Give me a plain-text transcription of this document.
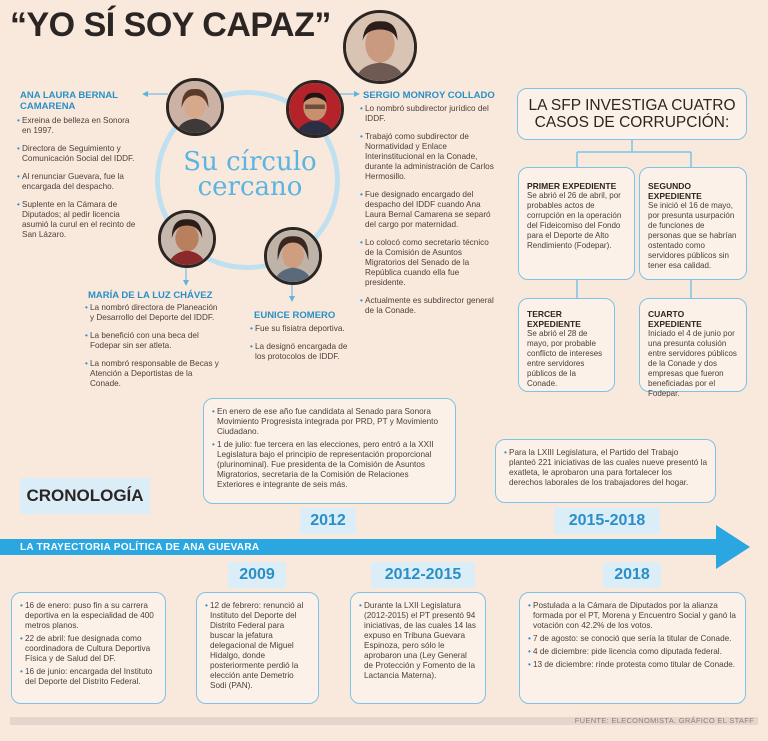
“YO SÍ SOY CAPAZ”
ANA LAURA BERNAL CAMARENA
• Exreina de belleza en Sonora en 1997.
• Directora de Seguimiento y Comunicación Social del IDDF.
• Al renunciar Guevara, fue la encargada del despacho.
• Suplente en la Cámara de Diputados; al pedir licencia asumió la curul en el recinto de San Lázaro.
Su círculo cercano
SERGIO MONROY COLLADO
• Lo nombró subdirector jurídico del IDDF.
• Trabajó como subdirector de Normatividad y Enlace Interinstitucional en la Conade, durante la administración de Carlos Hermosillo.
• Fue designado encargado del despacho del IDDF cuando Ana Laura Bernal Camarena se separó del cargo por maternidad.
• Lo colocó como secretario técnico de la Comisión de Asuntos Migratorios del Senado de la República cuando ella fue presidente.
• Actualmente es subdirector general de la Conade.
MARÍA DE LA LUZ CHÁVEZ
• La nombró directora de Planeación y Desarrollo del Deporte del IDDF.
• La benefició con una beca del Fodepar sin ser atleta.
• La nombró responsable de Becas y Atención a Deportistas de la Conade.
EUNICE ROMERO
• Fue su fisiatra deportiva.
• La designó encargada de los protocolos de IDDF.
LA SFP INVESTIGA CUATRO CASOS DE CORRUPCIÓN:
PRIMER EXPEDIENTE
Se abrió el 26 de abril, por probables actos de corrupción en la operación del Fideicomiso del Fondo para el Deporte de Alto Rendimiento (Fodepar).
SEGUNDO EXPEDIENTE
Se inició el 16 de mayo, por presunta usurpación de funciones de personas que se habrían ostentado como servidores públicos sin tener esa calidad.
TERCER EXPEDIENTE
Se abrió el 28 de mayo, por probable conflicto de intereses entre servidores públicos de la Conade.
CUARTO EXPEDIENTE
Iniciado el 4 de junio por una presunta colusión entre servidores públicos de la Conade y dos empresas que fueron beneficiadas por el Fodepar.
• En enero de ese año fue candidata al Senado para Sonora Movimiento Progresista integrada por PRD, PT y Movimiento Ciudadano.
• 1 de julio: fue tercera en las elecciones, pero entró a la XXII Legislatura bajo el principio de representación proporcional (plurinominal). Fue presidenta de la Comisión de Asuntos Migratorios, secretaria de la Comisión de Relaciones Exteriores e integrante de seis más.
2012
• Para la LXIII Legislatura, el Partido del Trabajo planteó 221 iniciativas de las cuales nueve presentó la exatleta, le aprobaron una para fortalecer los derechos laborales de los trabajadores del hogar.
2015-2018
CRONOLOGÍA
LA TRAYECTORIA POLÍTICA DE ANA GUEVARA
2009	2012-2015	2018
• 16 de enero: puso fin a su carrera deportiva en la especialidad de 400 metros planos.
• 22 de abril: fue designada como coordinadora de Cultura Deportiva Física y de Salud del DF.
• 16 de junio: encargada del Instituto del Deporte del Distrito Federal.
• 12 de febrero: renunció al Instituto del Deporte del Distrito Federal para buscar la jefatura delegacional de Miguel Hidalgo, donde posteriormente perdió la elección ante Demetrio Sodi (PAN).
• Durante la LXII Legislatura (2012-2015) el PT presentó 94 iniciativas, de las cuales 14 las expuso en Tribuna Guevara Espinoza, pero sólo le aprobaron una (Ley General de Protección y Fomento de la Lactancia Materna).
• Postulada a la Cámara de Diputados por la alianza formada por el PT, Morena y Encuentro Social y ganó la votación con 42.2% de los votos.
• 7 de agosto: se conoció que sería la titular de Conade.
• 4 de diciembre: pide licencia como diputada federal.
• 13 de diciembre: rinde protesta como titular de Conade.
FUENTE: ELECONOMISTA. GRÁFICO EL STAFF
